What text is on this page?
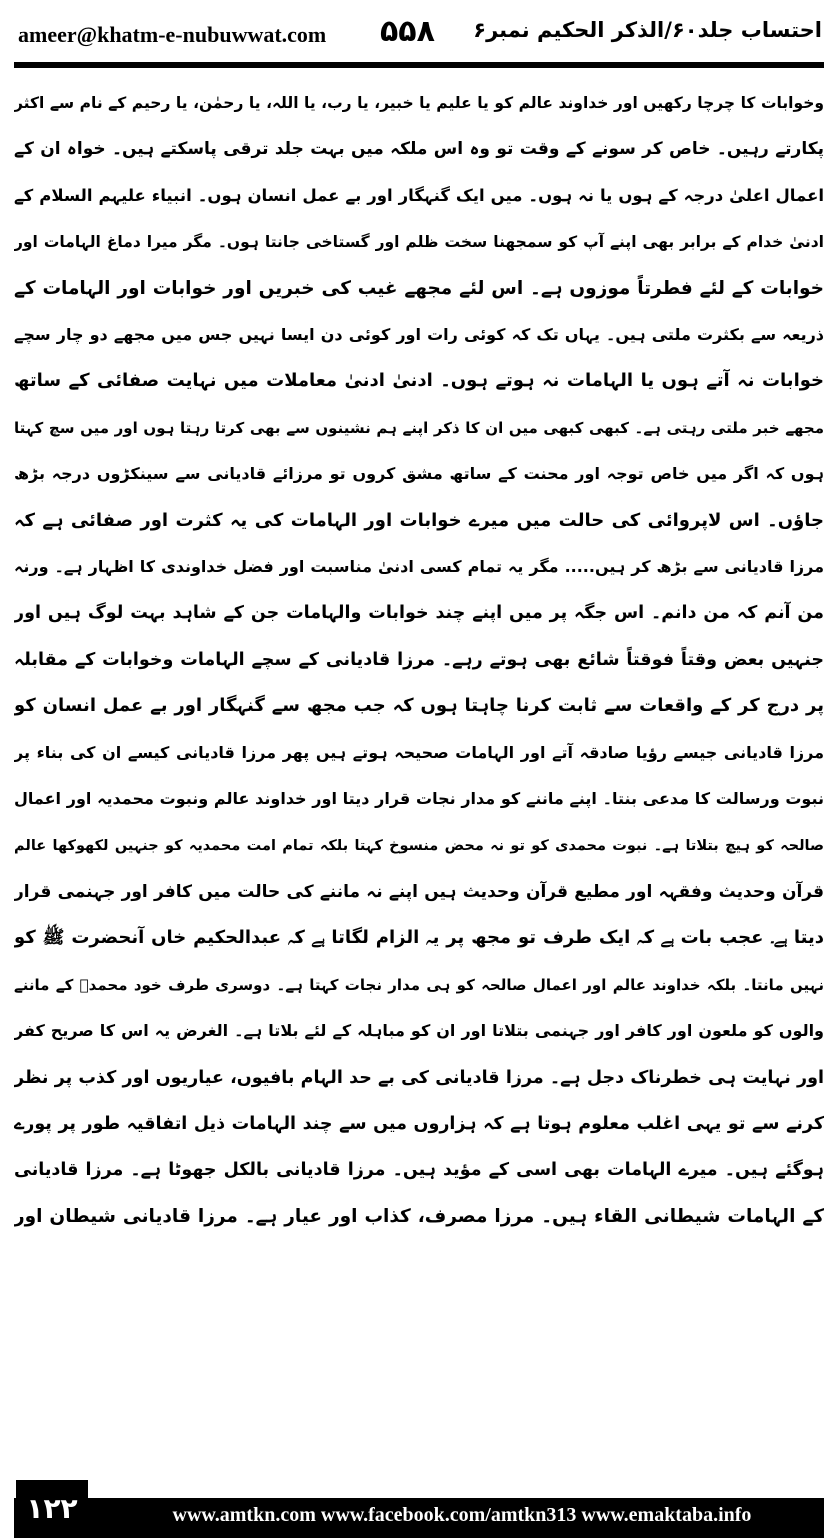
ameer@khatm-e-nubuwwat.com ۵۵۸ احتساب جلد۶۰/الذکر الحکیم نمبر۶
وخوابات کا چرچا رکھیں اور خداوند عالم کو یا علیم یا خبیر، یا رب، یا اللہ، یا رحمٰن، یا رحیم کے نام سے اکثر
پکارتے رہیں۔ خاص کر سونے کے وقت تو وہ اس ملکہ میں بہت جلد ترقی پاسکتے ہیں۔ خواہ ان کے
اعمال اعلیٰ درجہ کے ہوں یا نہ ہوں۔ میں ایک گنہگار اور بے عمل انسان ہوں۔ انبیاء علیہم السلام کے
ادنیٰ خدام کے برابر بھی اپنے آپ کو سمجھنا سخت ظلم اور گستاخی جانتا ہوں۔ مگر میرا دماغ الہامات اور
خوابات کے لئے فطرتاً موزوں ہے۔ اس لئے مجھے غیب کی خبریں اور خوابات اور الہامات کے
ذریعہ سے بکثرت ملتی ہیں۔ یہاں تک کہ کوئی رات اور کوئی دن ایسا نہیں جس میں مجھے دو چار سچے
خوابات نہ آتے ہوں یا الہامات نہ ہوتے ہوں۔ ادنیٰ ادنیٰ معاملات میں نہایت صفائی کے ساتھ
مجھے خبر ملتی رہتی ہے۔ کبھی کبھی میں ان کا ذکر اپنے ہم نشینوں سے بھی کرتا رہتا ہوں اور میں سچ کہتا
ہوں کہ اگر میں خاص توجہ اور محنت کے ساتھ مشق کروں تو مرزائے قادیانی سے سینکڑوں درجہ بڑھ
جاؤں۔ اس لاپروائی کی حالت میں میرے خوابات اور الہامات کی یہ کثرت اور صفائی ہے کہ
مرزا قادیانی سے بڑھ کر ہیں..... مگر یہ تمام کسی ادنیٰ مناسبت اور فضل خداوندی کا اظہار ہے۔ ورنہ
من آنم کہ من دانم۔ اس جگہ پر میں اپنے چند خوابات والہامات جن کے شاہد بہت لوگ ہیں اور
جنہیں بعض وقتاً فوقتاً شائع بھی ہوتے رہے۔ مرزا قادیانی کے سچے الہامات وخوابات کے مقابلہ
پر درج کر کے واقعات سے ثابت کرنا چاہتا ہوں کہ جب مجھ سے گنہگار اور بے عمل انسان کو
مرزا قادیانی جیسے رؤیا صادقہ آتے اور الہامات صحیحہ ہوتے ہیں پھر مرزا قادیانی کیسے ان کی بناء پر
نبوت ورسالت کا مدعی بنتا۔ اپنے ماننے کو مدار نجات قرار دیتا اور خداوند عالم ونبوت محمدیہ اور اعمال
صالحہ کو ہیچ بتلاتا ہے۔ نبوت محمدی کو تو نہ محض منسوخ کہتا بلکہ تمام امت محمدیہ کو جنہیں لکھوکھا عالم
قرآن وحدیث وفقہہ اور مطیع قرآن وحدیث ہیں اپنے نہ ماننے کی حالت میں کافر اور جہنمی قرار
دیتا ہے۔ عجب بات ہے کہ ایک طرف تو مجھ پر یہ الزام لگاتا ہے کہ عبدالحکیم خاں آنحضرت ﷺ کو
نہیں مانتا۔ بلکہ خداوند عالم اور اعمال صالحہ کو ہی مدار نجات کہتا ہے۔ دوسری طرف خود محمدؐ کے ماننے
والوں کو ملعون اور کافر اور جہنمی بتلاتا اور ان کو مباہلہ کے لئے بلاتا ہے۔ الغرض یہ اس کا صریح کفر
اور نہایت ہی خطرناک دجل ہے۔ مرزا قادیانی کی بے حد الہام بافیوں، عیاریوں اور کذب پر نظر
کرنے سے تو یہی اغلب معلوم ہوتا ہے کہ ہزاروں میں سے چند الہامات ذیل اتفاقیہ طور پر پورے
ہوگئے ہیں۔ میرے الہامات بھی اسی کے مؤید ہیں۔ مرزا قادیانی بالکل جھوٹا ہے۔ مرزا قادیانی
کے الہامات شیطانی القاء ہیں۔ مرزا مصرف، کذاب اور عیار ہے۔ مرزا قادیانی شیطان اور
۱۲۲	www.amtkn.com www.facebook.com/amtkn313 www.emaktaba.info
